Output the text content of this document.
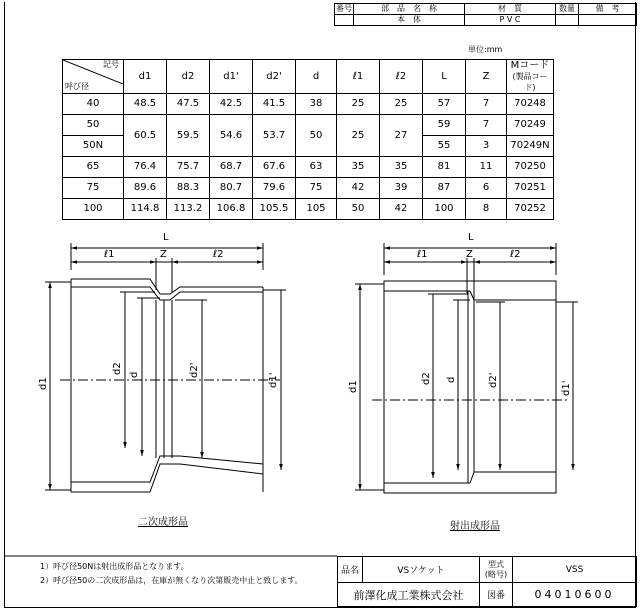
番号	部　品　名　称	材　質	数量	備　考
	本　体	P V C		
単位:mm
記号
呼び径	d1	d2	d1'	d2'	d	ℓ1	ℓ2	L	Z	Mコード
(製品コード)
40	48.5	47.5	42.5	41.5	38	25	25	57	7	70248
50	60.5	59.5	54.6	53.7	50	25	27	59	7	70249
50N								55	3	70249N
65	76.4	75.7	68.7	67.6	63	35	35	81	11	70250
75	89.6	88.3	80.7	79.6	75	42	39	87	6	70251
100	114.8	113.2	106.8	105.5	105	50	42	100	8	70252
L
ℓ1	Z	ℓ2
d1
d2 d	d2'
d1'
二次成形品
L
ℓ1	Z	ℓ2
d1
d2 d	d2'
d1'
射出成形品
1）呼び径50Nは射出成形品となります。
2）呼び径50の二次成形品は，在庫が無くなり次第販売中止と致します。
品名	VSソケット	型式
(略号)	VSS
前澤化成工業株式会社		図番	04010600
